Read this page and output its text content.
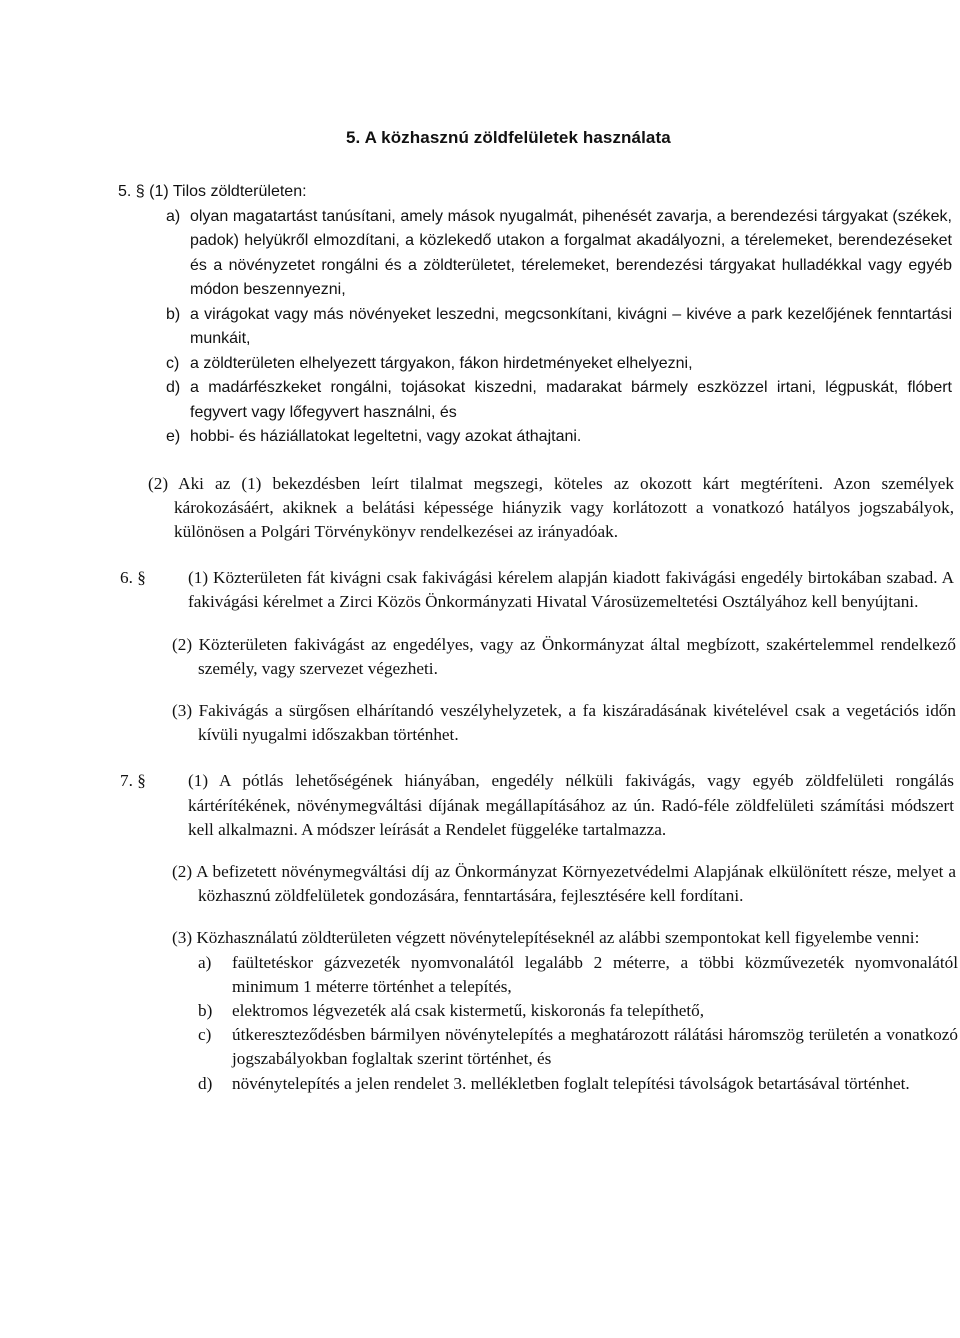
5. A közhasznú zöldfelületek használata
5. § (1) Tilos zöldterületen:
a) olyan magatartást tanúsítani, amely mások nyugalmát, pihenését zavarja, a berendezési tárgyakat (székek, padok) helyükről elmozdítani, a közlekedő utakon a forgalmat akadályozni, a térelemeket, berendezéseket és a növényzetet rongálni és a zöldterületet, térelemeket, berendezési tárgyakat hulladékkal vagy egyéb módon beszennyezni,
b) a virágokat vagy más növényeket leszedni, megcsonkítani, kivágni – kivéve a park kezelőjének fenntartási munkáit,
c) a zöldterületen elhelyezett tárgyakon, fákon hirdetményeket elhelyezni,
d) a madárfészkeket rongálni, tojásokat kiszedni, madarakat bármely eszközzel irtani, légpuskát, flóbert fegyvert vagy lőfegyvert használni, és
e) hobbi- és háziállatokat legeltetni, vagy azokat áthajtani.
(2) Aki az (1) bekezdésben leírt tilalmat megszegi, köteles az okozott kárt megtéríteni. Azon személyek károkozásáért, akiknek a belátási képessége hiányzik vagy korlátozott a vonatkozó hatályos jogszabályok, különösen a Polgári Törvénykönyv rendelkezései az irányadóak.
6. § (1) Közterületen fát kivágni csak fakivágási kérelem alapján kiadott fakivágási engedély birtokában szabad. A fakivágási kérelmet a Zirci Közös Önkormányzati Hivatal Városüzemeltetési Osztályához kell benyújtani.
(2) Közterületen fakivágást az engedélyes, vagy az Önkormányzat által megbízott, szakértelemmel rendelkező személy, vagy szervezet végezheti.
(3) Fakivágás a sürgősen elhárítandó veszélyhelyzetek, a fa kiszáradásának kivételével csak a vegetációs időn kívüli nyugalmi időszakban történhet.
7. § (1) A pótlás lehetőségének hiányában, engedély nélküli fakivágás, vagy egyéb zöldfelületi rongálás kártérítékének, növénymegváltási díjának megállapításához az ún. Radó-féle zöldfelületi számítási módszert kell alkalmazni. A módszer leírását a Rendelet függeléke tartalmazza.
(2) A befizetett növénymegváltási díj az Önkormányzat Környezetvédelmi Alapjának elkülönített része, melyet a közhasznú zöldfelületek gondozására, fenntartására, fejlesztésére kell fordítani.
(3) Közhasználatú zöldterületen végzett növénytelepítéseknél az alábbi szempontokat kell figyelembe venni:
a) faültetéskor gázvezeték nyomvonalától legalább 2 méterre, a többi közművezeték nyomvonalától minimum 1 méterre történhet a telepítés,
b) elektromos légvezeték alá csak kistermetű, kiskoronás fa telepíthető,
c) útkereszteződésben bármilyen növénytelepítés a meghatározott rálátási háromszög területén a vonatkozó jogszabályokban foglaltak szerint történhet, és
d) növénytelepítés a jelen rendelet 3. mellékletben foglalt telepítési távolságok betartásával történhet.
